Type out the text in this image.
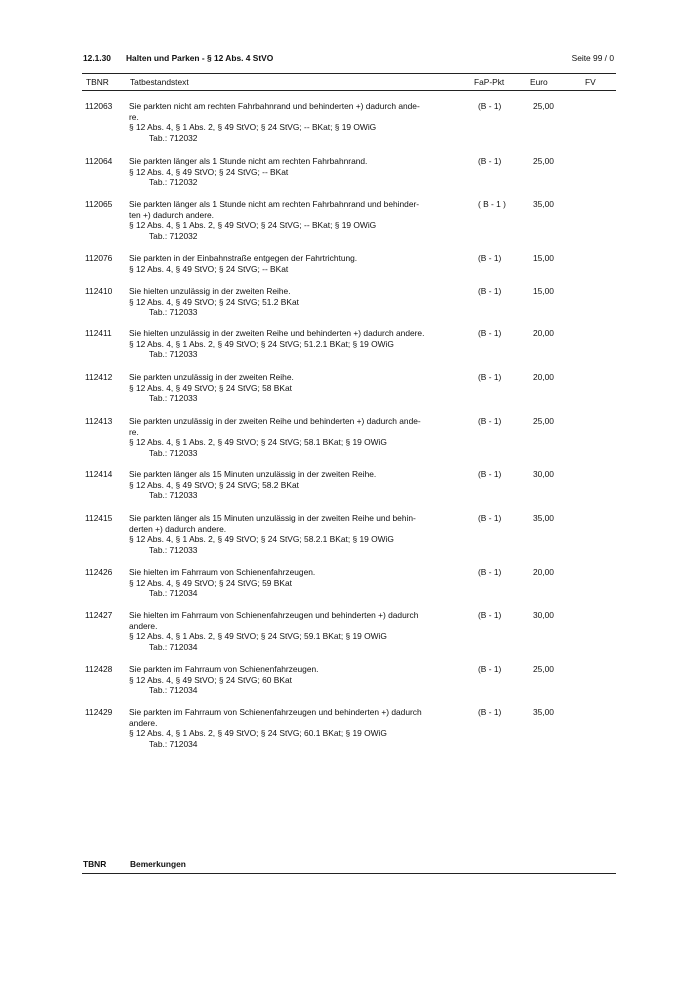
12.1.30 Halten und Parken - § 12 Abs. 4 StVO	Seite 99 / 0
TBNR	Tatbestandstext	FaP-Pkt	Euro	FV
112063 Sie parkten nicht am rechten Fahrbahnrand und behinderten +) dadurch ande-
re.
§ 12 Abs. 4, § 1 Abs. 2, § 49 StVO; § 24 StVG; -- BKat; § 19 OWiG
Tab.: 712032
(B - 1)	25,00
112064 Sie parkten länger als 1 Stunde nicht am rechten Fahrbahnrand.
§ 12 Abs. 4, § 49 StVO; § 24 StVG; -- BKat
Tab.: 712032
(B - 1)	25,00
112065 Sie parkten länger als 1 Stunde nicht am rechten Fahrbahnrand und behinder-
ten +) dadurch andere.
§ 12 Abs. 4, § 1 Abs. 2, § 49 StVO; § 24 StVG; -- BKat; § 19 OWiG
Tab.: 712032
( B - 1 )	35,00
112076 Sie parkten in der Einbahnstraße entgegen der Fahrtrichtung.
§ 12 Abs. 4, § 49 StVO; § 24 StVG; -- BKat
(B - 1)	15,00
112410 Sie hielten unzulässig in der zweiten Reihe.
§ 12 Abs. 4, § 49 StVO; § 24 StVG; 51.2 BKat
Tab.: 712033
(B - 1)	15,00
112411 Sie hielten unzulässig in der zweiten Reihe und behinderten +) dadurch andere.
§ 12 Abs. 4, § 1 Abs. 2, § 49 StVO; § 24 StVG; 51.2.1 BKat; § 19 OWiG
Tab.: 712033
(B - 1)	20,00
112412 Sie parkten unzulässig in der zweiten Reihe.
§ 12 Abs. 4, § 49 StVO; § 24 StVG; 58 BKat
Tab.: 712033
(B - 1)	20,00
112413 Sie parkten unzulässig in der zweiten Reihe und behinderten +) dadurch ande-
re.
§ 12 Abs. 4, § 1 Abs. 2, § 49 StVO; § 24 StVG; 58.1 BKat; § 19 OWiG
Tab.: 712033
(B - 1)	25,00
112414 Sie parkten länger als 15 Minuten unzulässig in der zweiten Reihe.
§ 12 Abs. 4, § 49 StVO; § 24 StVG; 58.2 BKat
Tab.: 712033
(B - 1)	30,00
112415 Sie parkten länger als 15 Minuten unzulässig in der zweiten Reihe und behin-
derten +) dadurch andere.
§ 12 Abs. 4, § 1 Abs. 2, § 49 StVO; § 24 StVG; 58.2.1 BKat; § 19 OWiG
Tab.: 712033
(B - 1)	35,00
112426 Sie hielten im Fahrraum von Schienenfahrzeugen.
§ 12 Abs. 4, § 49 StVO; § 24 StVG; 59 BKat
Tab.: 712034
(B - 1)	20,00
112427 Sie hielten im Fahrraum von Schienenfahrzeugen und behinderten +) dadurch
andere.
§ 12 Abs. 4, § 1 Abs. 2, § 49 StVO; § 24 StVG; 59.1 BKat; § 19 OWiG
Tab.: 712034
(B - 1)	30,00
112428 Sie parkten im Fahrraum von Schienenfahrzeugen.
§ 12 Abs. 4, § 49 StVO; § 24 StVG; 60 BKat
Tab.: 712034
(B - 1)	25,00
112429 Sie parkten im Fahrraum von Schienenfahrzeugen und behinderten +) dadurch
andere.
§ 12 Abs. 4, § 1 Abs. 2, § 49 StVO; § 24 StVG; 60.1 BKat; § 19 OWiG
Tab.: 712034
(B - 1)	35,00
TBNR	Bemerkungen
